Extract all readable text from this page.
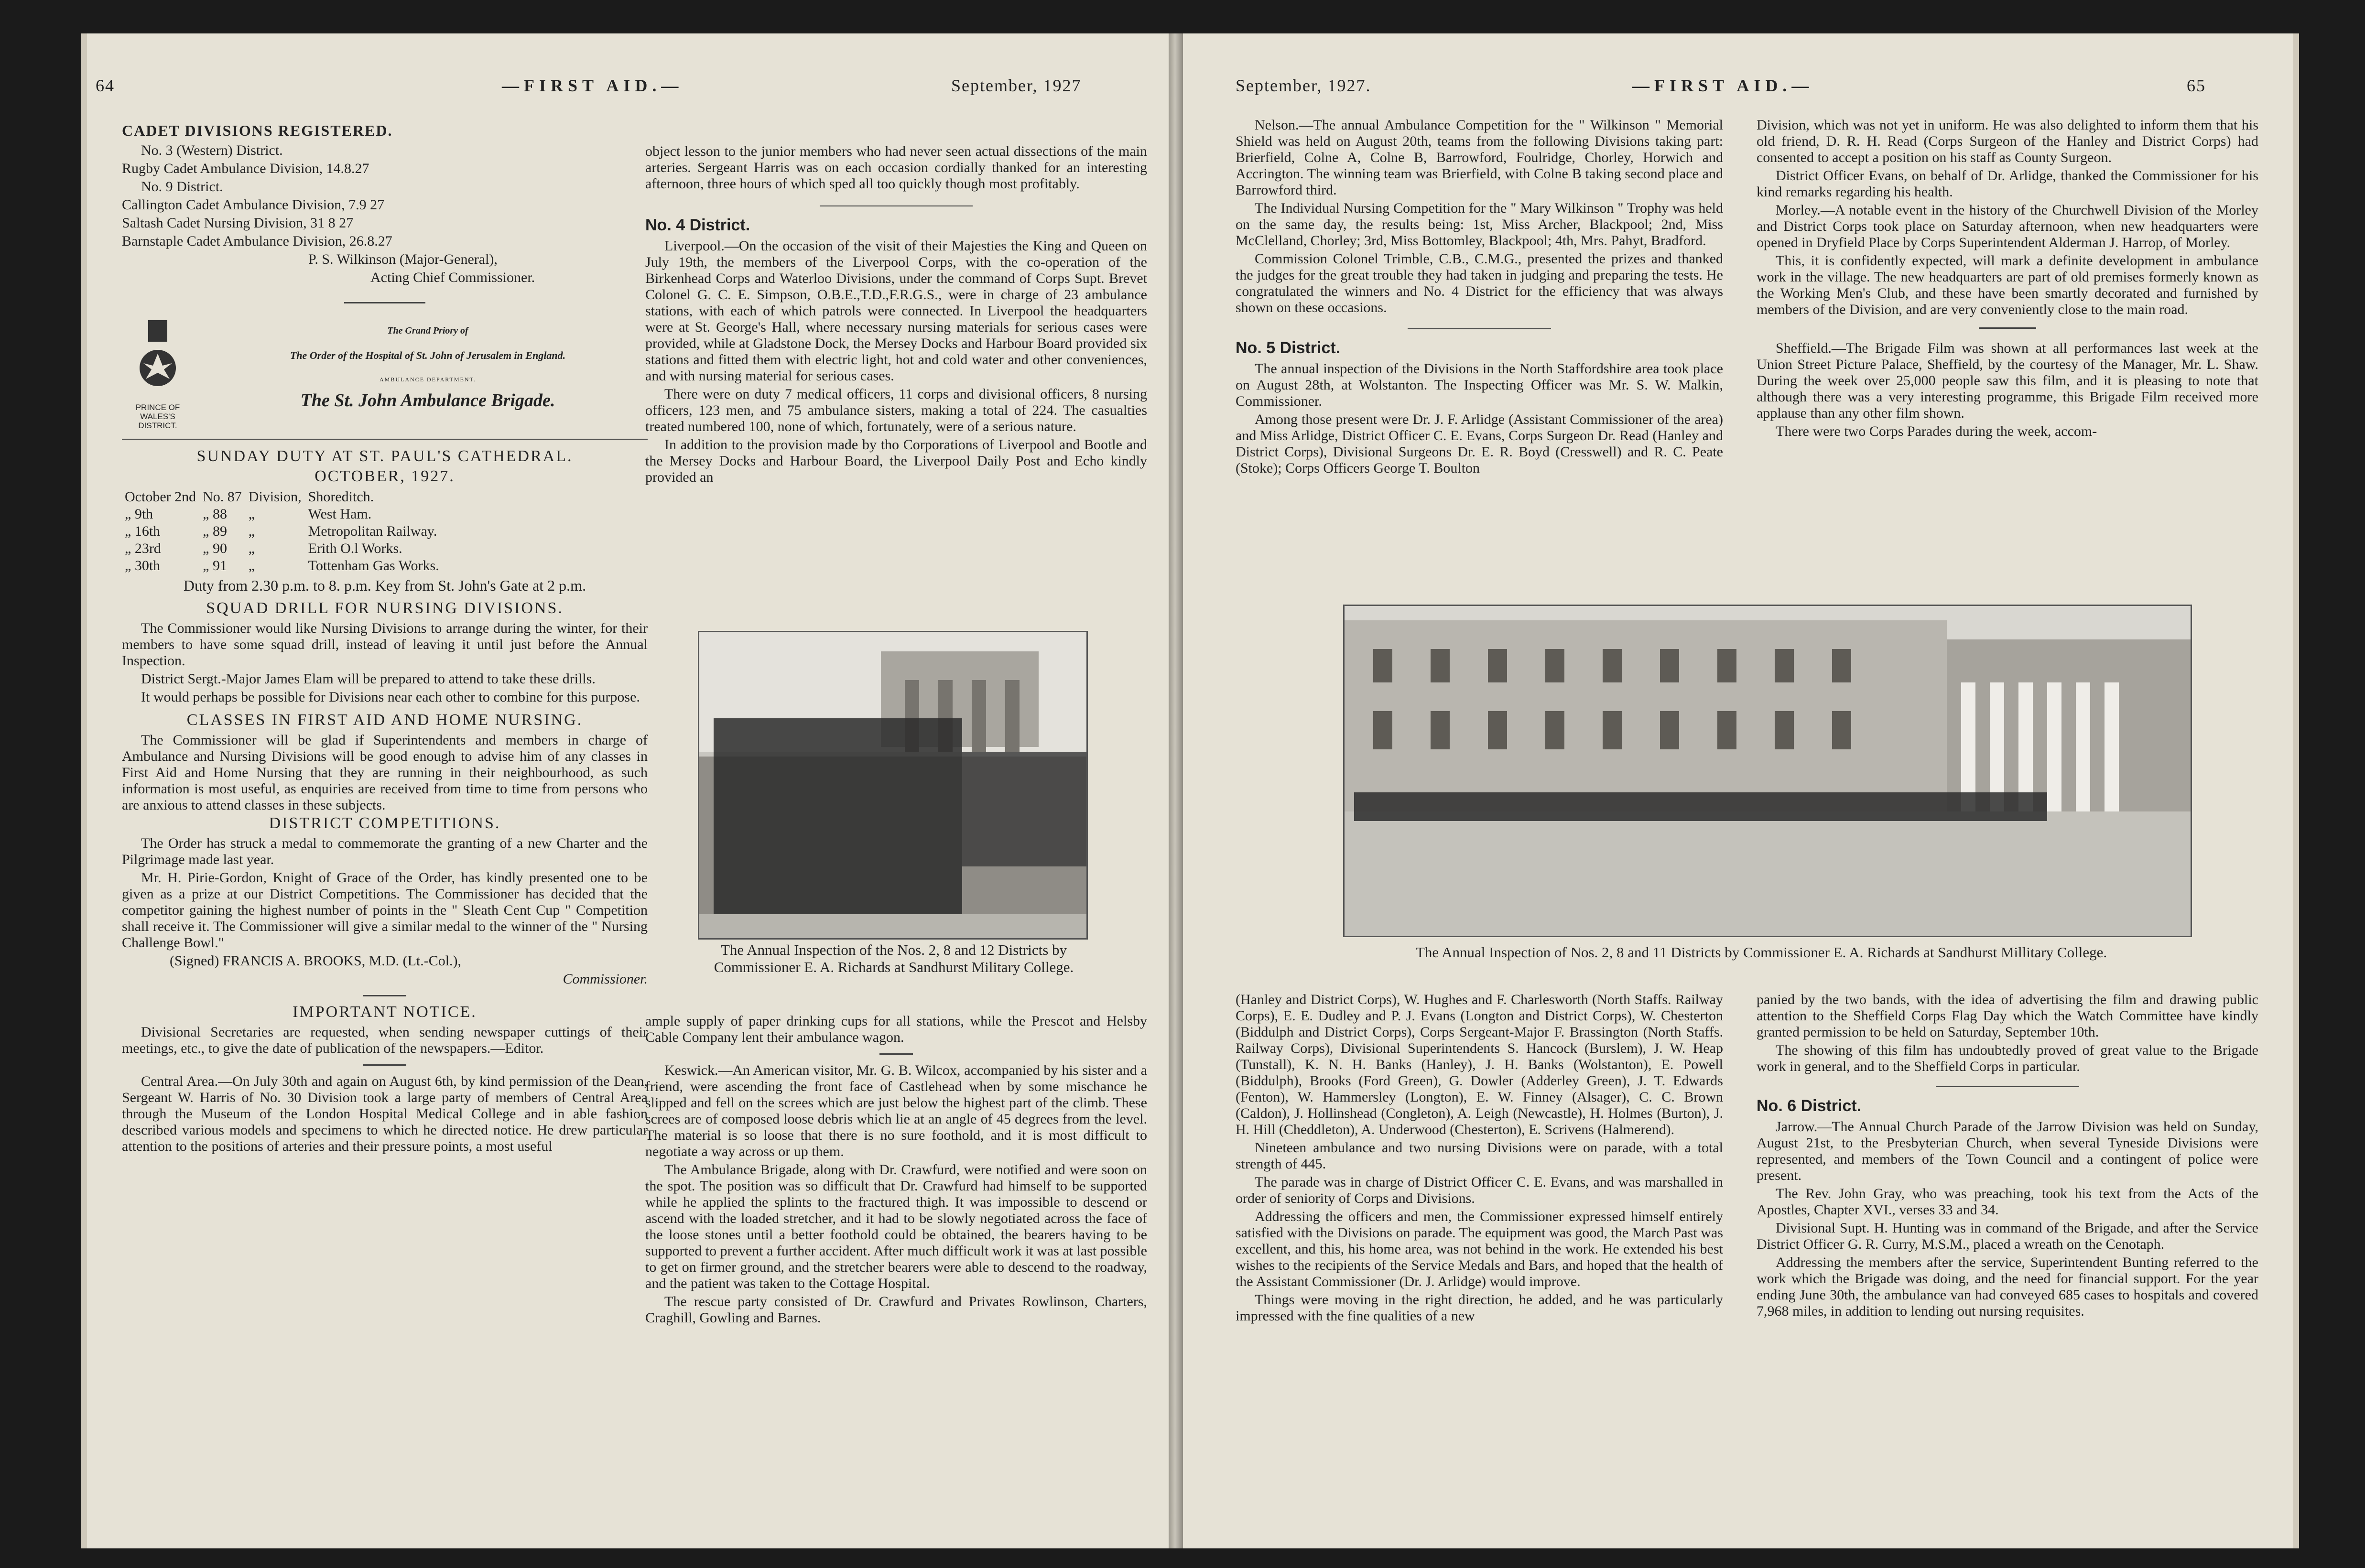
64	—FIRST AID.—	September, 1927
CADET DIVISIONS REGISTERED.

No. 3 (Western) District.

Rugby Cadet Ambulance Division, 14.8.27

No. 9 District.

Callington Cadet Ambulance Division, 7.9 27

Saltash Cadet Nursing Division, 31 8 27

Barnstaple Cadet Ambulance Division, 26.8.27

P. S. Wilkinson (Major-General),

Acting Chief Commissioner.

PRINCE OF WALES'S DISTRICT.
The Grand Priory of
The Order of the Hospital of St. John of Jerusalem in England.
AMBULANCE DEPARTMENT.
The St. John Ambulance Brigade.
SUNDAY DUTY AT ST. PAUL'S CATHEDRAL.
OCTOBER, 1927.
October 2nd	No. 87	Division,	Shoreditch.
„ 9th	„ 88	„	West Ham.
„ 16th	„ 89	„	Metropolitan Railway.
„ 23rd	„ 90	„	Erith O.l Works.
„ 30th	„ 91	„	Tottenham Gas Works.

Duty from 2.30 p.m. to 8. p.m. Key from St. John's Gate at 2 p.m.

SQUAD DRILL FOR NURSING DIVISIONS.

The Commissioner would like Nursing Divisions to arrange during the winter, for their members to have some squad drill, instead of leaving it until just before the Annual Inspection.

District Sergt.-Major James Elam will be prepared to attend to take these drills.

It would perhaps be possible for Divisions near each other to combine for this purpose.

CLASSES IN FIRST AID AND HOME NURSING.

The Commissioner will be glad if Superintendents and members in charge of Ambulance and Nursing Divisions will be good enough to advise him of any classes in First Aid and Home Nursing that they are running in their neighbourhood, as such information is most useful, as enquiries are received from time to time from persons who are anxious to attend classes in these subjects.

DISTRICT COMPETITIONS.

The Order has struck a medal to commemorate the granting of a new Charter and the Pilgrimage made last year.

Mr. H. Pirie-Gordon, Knight of Grace of the Order, has kindly presented one to be given as a prize at our District Competitions. The Commissioner has decided that the competitor gaining the highest number of points in the " Sleath Cent Cup " Competition shall receive it. The Commissioner will give a similar medal to the winner of the " Nursing Challenge Bowl."

(Signed) FRANCIS A. BROOKS, M.D. (Lt.-Col.),

Commissioner.

IMPORTANT NOTICE.

Divisional Secretaries are requested, when sending newspaper cuttings of their meetings, etc., to give the date of publication of the newspapers.—Editor.

Central Area.—On July 30th and again on August 6th, by kind permission of the Dean, Sergeant W. Harris of No. 30 Division took a large party of members of Central Area through the Museum of the London Hospital Medical College and in able fashion described various models and specimens to which he directed notice. He drew particular attention to the positions of arteries and their pressure points, a most useful

object lesson to the junior members who had never seen actual dissections of the main arteries. Sergeant Harris was on each occasion cordially thanked for an interesting afternoon, three hours of which sped all too quickly though most profitably.

No. 4 District.

Liverpool.—On the occasion of the visit of their Majesties the King and Queen on July 19th, the members of the Liverpool Corps, with the co-operation of the Birkenhead Corps and Waterloo Divisions, under the command of Corps Supt. Brevet Colonel G. C. E. Simpson, O.B.E.,T.D.,F.R.G.S., were in charge of 23 ambulance stations, with each of which patrols were connected. In Liverpool the headquarters were at St. George's Hall, where necessary nursing materials for serious cases were provided, while at Gladstone Dock, the Mersey Docks and Harbour Board provided six stations and fitted them with electric light, hot and cold water and other conveniences, and with nursing material for serious cases.

There were on duty 7 medical officers, 11 corps and divisional officers, 8 nursing officers, 123 men, and 75 ambulance sisters, making a total of 224. The casualties treated numbered 100, none of which, fortunately, were of a serious nature.

In addition to the provision made by tho Corporations of Liverpool and Bootle and the Mersey Docks and Harbour Board, the Liverpool Daily Post and Echo kindly provided an

The Annual Inspection of the Nos. 2, 8 and 12 Districts by Commissioner E. A. Richards at Sandhurst Military College.

ample supply of paper drinking cups for all stations, while the Prescot and Helsby Cable Company lent their ambulance wagon.

Keswick.—An American visitor, Mr. G. B. Wilcox, accompanied by his sister and a friend, were ascending the front face of Castlehead when by some mischance he slipped and fell on the screes which are just below the highest part of the climb. These screes are of composed loose debris which lie at an angle of 45 degrees from the level. The material is so loose that there is no sure foothold, and it is most difficult to negotiate a way across or up them.

The Ambulance Brigade, along with Dr. Crawfurd, were notified and were soon on the spot. The position was so difficult that Dr. Crawfurd had himself to be supported while he applied the splints to the fractured thigh. It was impossible to descend or ascend with the loaded stretcher, and it had to be slowly negotiated across the face of the loose stones until a better foothold could be obtained, the bearers having to be supported to prevent a further accident. After much difficult work it was at last possible to get on firmer ground, and the stretcher bearers were able to descend to the roadway, and the patient was taken to the Cottage Hospital.

The rescue party consisted of Dr. Crawfurd and Privates Rowlinson, Charters, Craghill, Gowling and Barnes.

September, 1927.	—FIRST AID.—	65

Nelson.—The annual Ambulance Competition for the " Wilkinson " Memorial Shield was held on August 20th, teams from the following Divisions taking part: Brierfield, Colne A, Colne B, Barrowford, Foulridge, Chorley, Horwich and Accrington. The winning team was Brierfield, with Colne B taking second place and Barrowford third.

The Individual Nursing Competition for the " Mary Wilkinson " Trophy was held on the same day, the results being: 1st, Miss Archer, Blackpool; 2nd, Miss McClelland, Chorley; 3rd, Miss Bottomley, Blackpool; 4th, Mrs. Pahyt, Bradford.

Commission Colonel Trimble, C.B., C.M.G., presented the prizes and thanked the judges for the great trouble they had taken in judging and preparing the tests. He congratulated the winners and No. 4 District for the efficiency that was always shown on these occasions.

No. 5 District.

The annual inspection of the Divisions in the North Staffordshire area took place on August 28th, at Wolstanton. The Inspecting Officer was Mr. S. W. Malkin, Commissioner.

Among those present were Dr. J. F. Arlidge (Assistant Commissioner of the area) and Miss Arlidge, District Officer C. E. Evans, Corps Surgeon Dr. Read (Hanley and District Corps), Divisional Surgeons Dr. E. R. Boyd (Cresswell) and R. C. Peate (Stoke); Corps Officers George T. Boulton

Division, which was not yet in uniform. He was also delighted to inform them that his old friend, D. R. H. Read (Corps Surgeon of the Hanley and District Corps) had consented to accept a position on his staff as County Surgeon.

District Officer Evans, on behalf of Dr. Arlidge, thanked the Commissioner for his kind remarks regarding his health.

Morley.—A notable event in the history of the Churchwell Division of the Morley and District Corps took place on Saturday afternoon, when new headquarters were opened in Dryfield Place by Corps Superintendent Alderman J. Harrop, of Morley.

This, it is confidently expected, will mark a definite development in ambulance work in the village. The new headquarters are part of old premises formerly known as the Working Men's Club, and these have been smartly decorated and furnished by members of the Division, and are very conveniently close to the main road.

Sheffield.—The Brigade Film was shown at all performances last week at the Union Street Picture Palace, Sheffield, by the courtesy of the Manager, Mr. L. Shaw. During the week over 25,000 people saw this film, and it is pleasing to note that although there was a very interesting programme, this Brigade Film received more applause than any other film shown.

There were two Corps Parades during the week, accom-

The Annual Inspection of Nos. 2, 8 and 11 Districts by Commissioner E. A. Richards at Sandhurst Millitary College.

(Hanley and District Corps), W. Hughes and F. Charlesworth (North Staffs. Railway Corps), E. E. Dudley and P. J. Evans (Longton and District Corps), W. Chesterton (Biddulph and District Corps), Corps Sergeant-Major F. Brassington (North Staffs. Railway Corps), Divisional Superintendents S. Hancock (Burslem), J. W. Heap (Tunstall), K. N. H. Banks (Hanley), J. H. Banks (Wolstanton), E. Powell (Biddulph), Brooks (Ford Green), G. Dowler (Adderley Green), J. T. Edwards (Fenton), W. Hammersley (Longton), E. W. Finney (Alsager), C. C. Brown (Caldon), J. Hollinshead (Congleton), A. Leigh (Newcastle), H. Holmes (Burton), J. H. Hill (Cheddleton), A. Underwood (Chesterton), E. Scrivens (Halmerend).

Nineteen ambulance and two nursing Divisions were on parade, with a total strength of 445.

The parade was in charge of District Officer C. E. Evans, and was marshalled in order of seniority of Corps and Divisions.

Addressing the officers and men, the Commissioner expressed himself entirely satisfied with the Divisions on parade. The equipment was good, the March Past was excellent, and this, his home area, was not behind in the work. He extended his best wishes to the recipients of the Service Medals and Bars, and hoped that the health of the Assistant Commissioner (Dr. J. Arlidge) would improve.

Things were moving in the right direction, he added, and he was particularly impressed with the fine qualities of a new

panied by the two bands, with the idea of advertising the film and drawing public attention to the Sheffield Corps Flag Day which the Watch Committee have kindly granted permission to be held on Saturday, September 10th.

The showing of this film has undoubtedly proved of great value to the Brigade work in general, and to the Sheffield Corps in particular.

No. 6 District.

Jarrow.—The Annual Church Parade of the Jarrow Division was held on Sunday, August 21st, to the Presbyterian Church, when several Tyneside Divisions were represented, and members of the Town Council and a contingent of police were present.

The Rev. John Gray, who was preaching, took his text from the Acts of the Apostles, Chapter XVI., verses 33 and 34.

Divisional Supt. H. Hunting was in command of the Brigade, and after the Service District Officer G. R. Curry, M.S.M., placed a wreath on the Cenotaph.

Addressing the members after the service, Superintendent Bunting referred to the work which the Brigade was doing, and the need for financial support. For the year ending June 30th, the ambulance van had conveyed 685 cases to hospitals and covered 7,968 miles, in addition to lending out nursing requisites.
